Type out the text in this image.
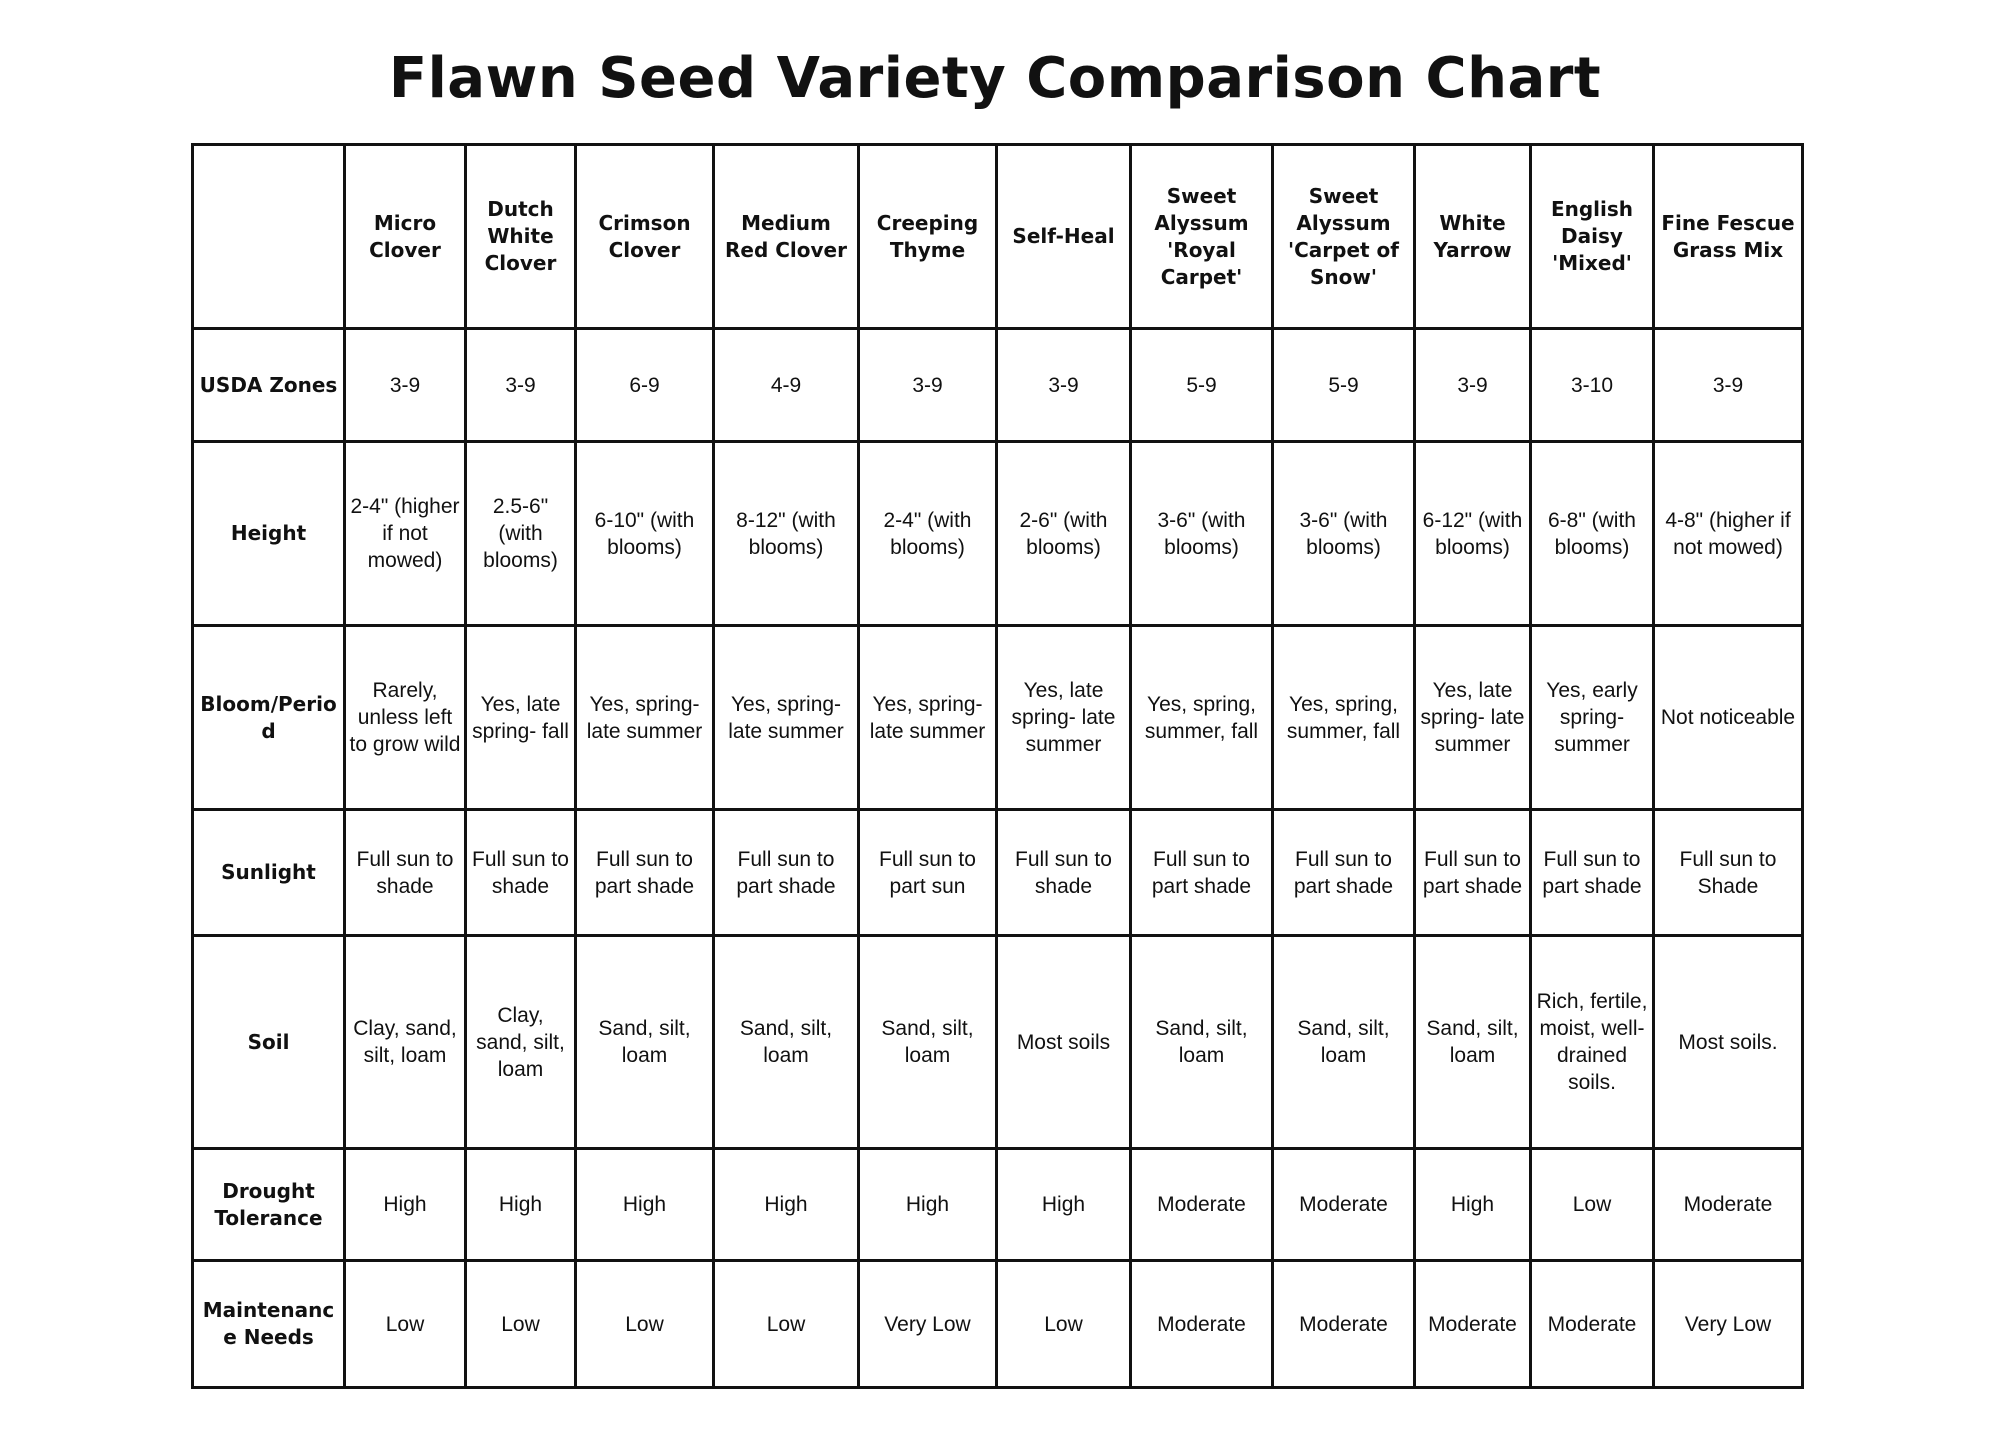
Flawn Seed Variety Comparison Chart
	Micro Clover	Dutch White Clover	Crimson Clover	Medium Red Clover	Creeping Thyme	Self-Heal	Sweet Alyssum 'Royal Carpet'	Sweet Alyssum 'Carpet of Snow'	White Yarrow	English Daisy 'Mixed'	Fine Fescue Grass Mix
USDA Zones	3-9	3-9	6-9	4-9	3-9	3-9	5-9	5-9	3-9	3-10	3-9
Height	2-4" (higher if not mowed)	2.5-6" (with blooms)	6-10" (with blooms)	8-12" (with blooms)	2-4" (with blooms)	2-6" (with blooms)	3-6" (with blooms)	3-6" (with blooms)	6-12" (with blooms)	6-8" (with blooms)	4-8" (higher if not mowed)
Bloom/Period	Rarely, unless left to grow wild	Yes, late spring- fall	Yes, spring- late summer	Yes, spring- late summer	Yes, spring- late summer	Yes, late spring- late summer	Yes, spring, summer, fall	Yes, spring, summer, fall	Yes, late spring- late summer	Yes, early spring- summer	Not noticeable
Sunlight	Full sun to shade	Full sun to shade	Full sun to part shade	Full sun to part shade	Full sun to part sun	Full sun to shade	Full sun to part shade	Full sun to part shade	Full sun to part shade	Full sun to part shade	Full sun to Shade
Soil	Clay, sand, silt, loam	Clay, sand, silt, loam	Sand, silt, loam	Sand, silt, loam	Sand, silt, loam	Most soils	Sand, silt, loam	Sand, silt, loam	Sand, silt, loam	Rich, fertile, moist, well-drained soils.	Most soils.
Drought Tolerance	High	High	High	High	High	High	Moderate	Moderate	High	Low	Moderate
Maintenance Needs	Low	Low	Low	Low	Very Low	Low	Moderate	Moderate	Moderate	Moderate	Very Low
